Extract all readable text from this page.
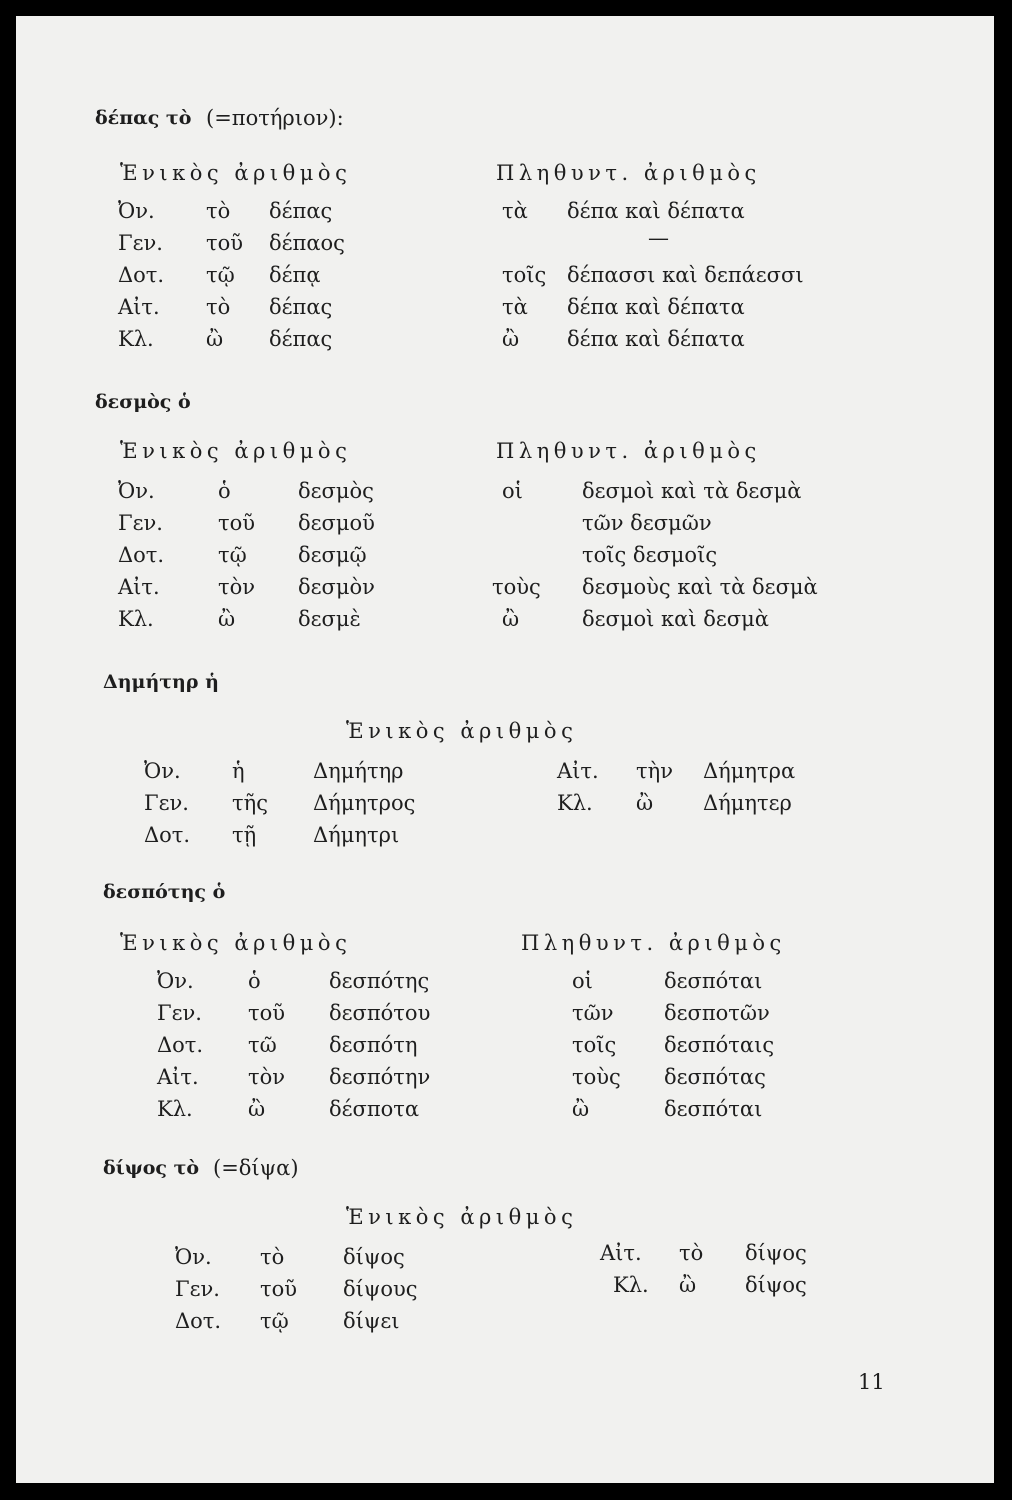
δέπας τὸ (=ποτήριον):
Ἑνικὸς ἀριθμὸς	Πληθυντ. ἀριθμὸς
Ὀν. τὸ δέπας	τὰ δέπα καὶ δέπατα
Γεν. τοῦ δέπαος	—
Δοτ. τῷ δέπᾳ	τοῖς δέπασσι καὶ δεπάεσσι
Αἰτ. τὸ δέπας	τὰ δέπα καὶ δέπατα
Κλ. ὢ δέπας	ὢ δέπα καὶ δέπατα
δεσμὸς ὁ
Ἑνικὸς ἀριθμὸς	Πληθυντ. ἀριθμὸς
Ὀν.	ὁ	δεσμὸς	οἱ	δεσμοὶ καὶ τὰ δεσμὰ
Γεν.	τοῦ δεσμοῦ	τῶν δεσμῶν
Δοτ.	τῷ δεσμῷ	τοῖς δεσμοῖς
Αἰτ.	τὸν δεσμὸν	τοὺς δεσμοὺς καὶ τὰ δεσμὰ
Κλ.	ὢ	δεσμὲ	ὢ	δεσμοὶ καὶ δεσμὰ
Δημήτηρ ἡ
Ἑνικὸς ἀριθμὸς
Ὀν. ἡ	Δημήτηρ	Αἰτ. τὴν Δήμητρα
Γεν. τῆς Δήμητρος	Κλ. ὢ Δήμητερ
Δοτ. τῇ	Δήμητρι
δεσπότης ὁ
Ἑνικὸς ἀριθμὸς	Πληθυντ. ἀριθμὸς
Ὀν.	ὁ	δεσπότης	οἱ	δεσπόται
Γεν. τοῦ δεσπότου	τῶν δεσποτῶν
Δοτ. τῶ δεσπότη	τοῖς δεσπόταις
Αἰτ. τὸν δεσπότην	τοὺς δεσπότας
Κλ.	ὢ	δέσποτα	ὢ	δεσπόται
δίψος τὸ (=δίψα)
Ἑνικὸς ἀριθμὸς
Ὀν. τὸ	δίψος	Αἰτ. τὸ δίψος
Γεν. τοῦ δίψους	Κλ. ὢ δίψος
Δοτ. τῷ	δίψει
11
